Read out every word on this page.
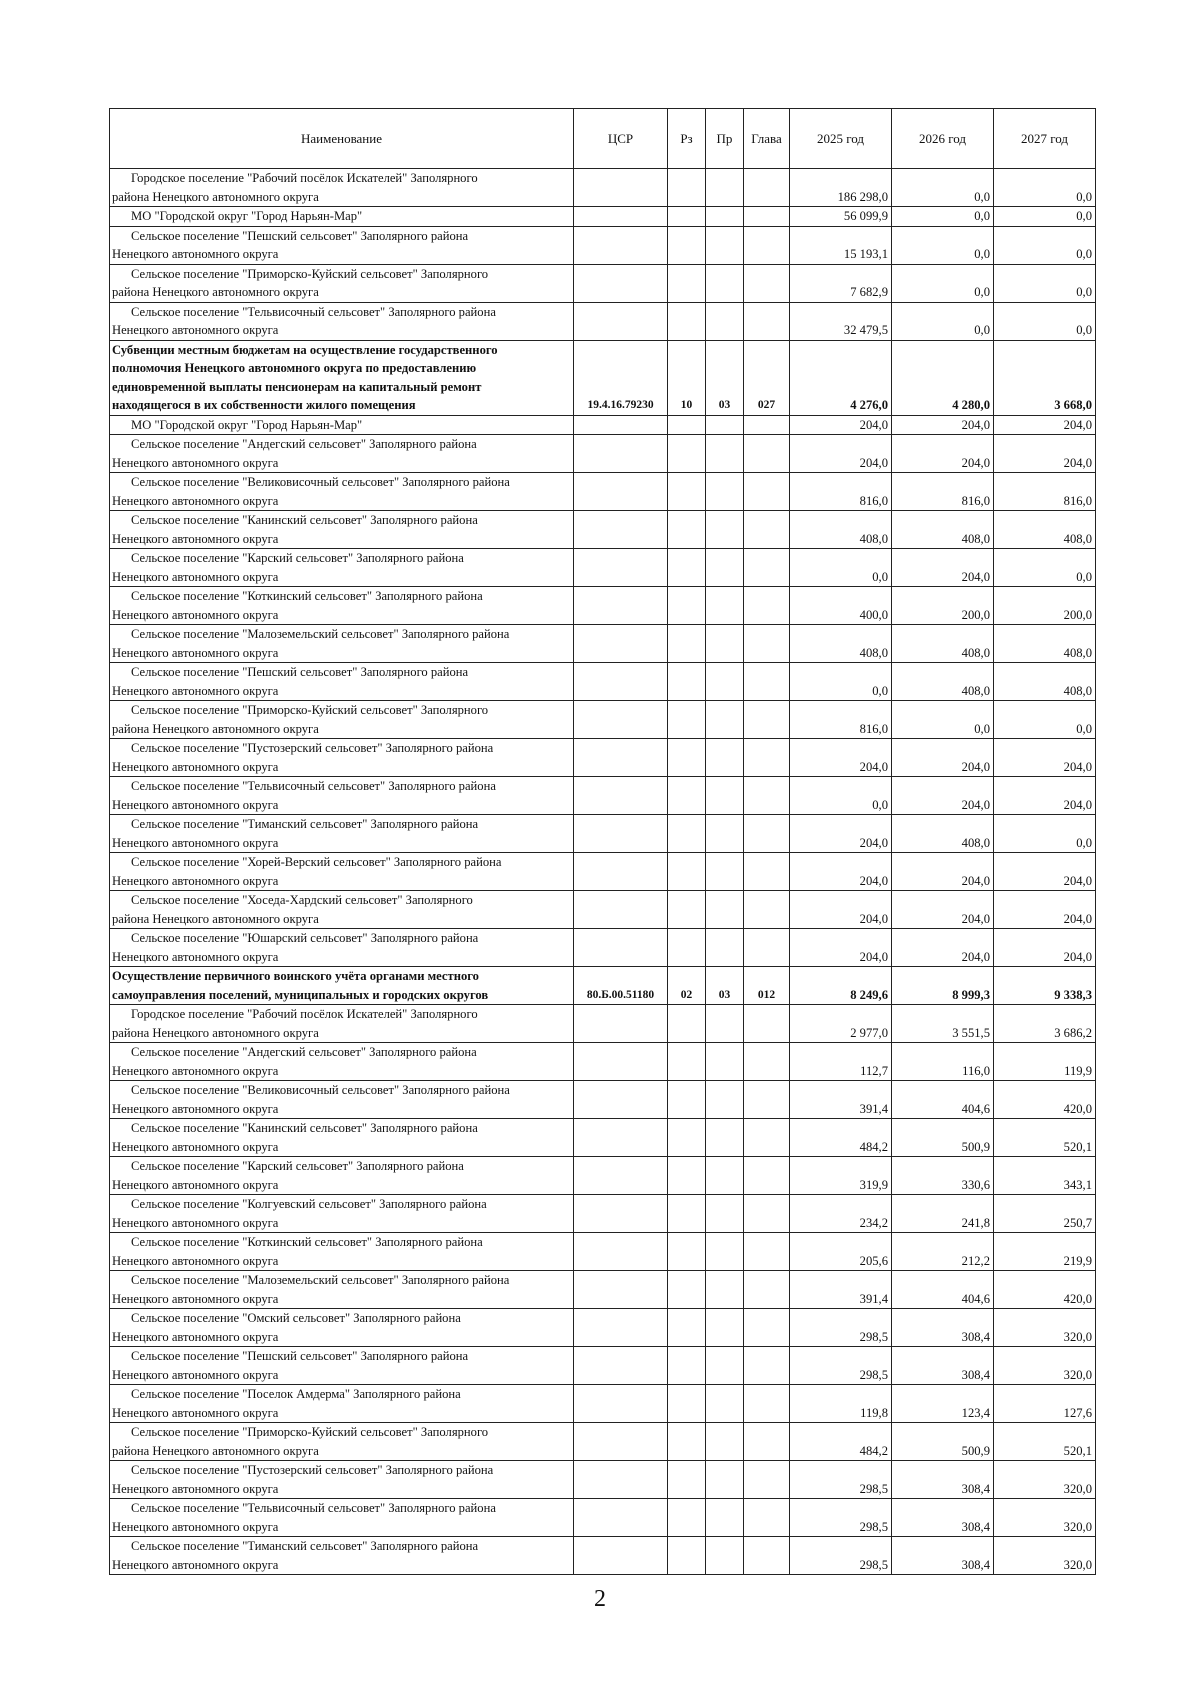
Наименование	ЦСР	Рз	Пр	Глава	2025 год	2026 год	2027 год

Городское поселение "Рабочий посёлок Искателей" Заполярного
района Ненецкого автономного округа					186 298,0	0,0	0,0

МО "Городской округ "Город Нарьян-Мар"					56 099,9	0,0	0,0

Сельское поселение "Пешский сельсовет" Заполярного района
Ненецкого автономного округа					15 193,1	0,0	0,0

Сельское поселение "Приморско-Куйский сельсовет" Заполярного
района Ненецкого автономного округа					7 682,9	0,0	0,0

Сельское поселение "Тельвисочный сельсовет" Заполярного района
Ненецкого автономного округа					32 479,5	0,0	0,0

Субвенции местным бюджетам на осуществление государственного
полномочия Ненецкого автономного округа по предоставлению
единовременной выплаты пенсионерам на капитальный ремонт
находящегося в их собственности жилого помещения	19.4.16.79230	10	03	027	4 276,0	4 280,0	3 668,0

МО "Городской округ "Город Нарьян-Мар"					204,0	204,0	204,0

Сельское поселение "Андегский сельсовет" Заполярного района
Ненецкого автономного округа					204,0	204,0	204,0

Сельское поселение "Великовисочный сельсовет" Заполярного района
Ненецкого автономного округа					816,0	816,0	816,0

Сельское поселение "Канинский сельсовет" Заполярного района
Ненецкого автономного округа					408,0	408,0	408,0

Сельское поселение "Карский сельсовет" Заполярного района
Ненецкого автономного округа					0,0	204,0	0,0

Сельское поселение "Коткинский сельсовет" Заполярного района
Ненецкого автономного округа					400,0	200,0	200,0

Сельское поселение "Малоземельский сельсовет" Заполярного района
Ненецкого автономного округа					408,0	408,0	408,0

Сельское поселение "Пешский сельсовет" Заполярного района
Ненецкого автономного округа					0,0	408,0	408,0

Сельское поселение "Приморско-Куйский сельсовет" Заполярного
района Ненецкого автономного округа					816,0	0,0	0,0

Сельское поселение "Пустозерский сельсовет" Заполярного района
Ненецкого автономного округа					204,0	204,0	204,0

Сельское поселение "Тельвисочный сельсовет" Заполярного района
Ненецкого автономного округа					0,0	204,0	204,0

Сельское поселение "Тиманский сельсовет" Заполярного района
Ненецкого автономного округа					204,0	408,0	0,0

Сельское поселение "Хорей-Верский сельсовет" Заполярного района
Ненецкого автономного округа					204,0	204,0	204,0

Сельское поселение "Хоседа-Хардский сельсовет" Заполярного
района Ненецкого автономного округа					204,0	204,0	204,0

Сельское поселение "Юшарский сельсовет" Заполярного района
Ненецкого автономного округа					204,0	204,0	204,0

Осуществление первичного воинского учёта органами местного
самоуправления поселений, муниципальных и городских округов	80.Б.00.51180	02	03	012	8 249,6	8 999,3	9 338,3

Городское поселение "Рабочий посёлок Искателей" Заполярного
района Ненецкого автономного округа					2 977,0	3 551,5	3 686,2

Сельское поселение "Андегский сельсовет" Заполярного района
Ненецкого автономного округа					112,7	116,0	119,9

Сельское поселение "Великовисочный сельсовет" Заполярного района
Ненецкого автономного округа					391,4	404,6	420,0

Сельское поселение "Канинский сельсовет" Заполярного района
Ненецкого автономного округа					484,2	500,9	520,1

Сельское поселение "Карский сельсовет" Заполярного района
Ненецкого автономного округа					319,9	330,6	343,1

Сельское поселение "Колгуевский сельсовет" Заполярного района
Ненецкого автономного округа					234,2	241,8	250,7

Сельское поселение "Коткинский сельсовет" Заполярного района
Ненецкого автономного округа					205,6	212,2	219,9

Сельское поселение "Малоземельский сельсовет" Заполярного района
Ненецкого автономного округа					391,4	404,6	420,0

Сельское поселение "Омский сельсовет" Заполярного района
Ненецкого автономного округа					298,5	308,4	320,0

Сельское поселение "Пешский сельсовет" Заполярного района
Ненецкого автономного округа					298,5	308,4	320,0

Сельское поселение "Поселок Амдерма" Заполярного района
Ненецкого автономного округа					119,8	123,4	127,6

Сельское поселение "Приморско-Куйский сельсовет" Заполярного
района Ненецкого автономного округа					484,2	500,9	520,1

Сельское поселение "Пустозерский сельсовет" Заполярного района
Ненецкого автономного округа					298,5	308,4	320,0

Сельское поселение "Тельвисочный сельсовет" Заполярного района
Ненецкого автономного округа					298,5	308,4	320,0

Сельское поселение "Тиманский сельсовет" Заполярного района
Ненецкого автономного округа					298,5	308,4	320,0
2
